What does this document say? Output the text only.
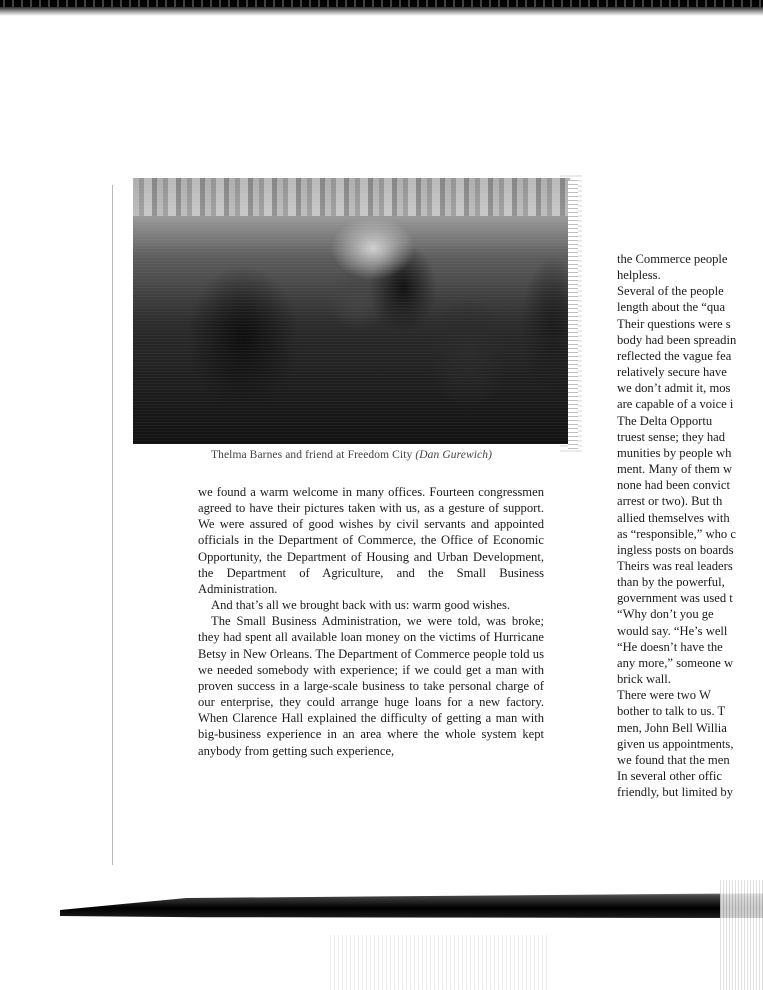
Thelma Barnes and friend at Freedom City (Dan Gurewich)

we found a warm welcome in many offices. Fourteen congressmen agreed to have their pictures taken with us, as a gesture of support. We were assured of good wishes by civil servants and appointed officials in the Department of Commerce, the Office of Economic Opportunity, the Department of Housing and Urban Development, the Department of Agriculture, and the Small Business Administration.

And that’s all we brought back with us: warm good wishes.

The Small Business Administration, we were told, was broke; they had spent all available loan money on the victims of Hurricane Betsy in New Orleans. The Department of Commerce people told us we needed somebody with experience; if we could get a man with proven success in a large-scale business to take personal charge of our enterprise, they could arrange huge loans for a new factory. When Clarence Hall explained the difficulty of getting a man with big-business experience in an area where the whole system kept anybody from getting such experience,

the Commerce people

helpless.

Several of the people

length about the “qua

Their questions were s

body had been spreadin

reflected the vague fea

relatively secure have

we don’t admit it, mos

are capable of a voice i

The Delta Opportu

truest sense; they had

munities by people wh

ment. Many of them w

none had been convict

arrest or two). But th

allied themselves with

as “responsible,” who c

ingless posts on boards

Theirs was real leaders

than by the powerful,

government was used t

“Why don’t you ge

would say. “He’s well

“He doesn’t have the

any more,” someone w

brick wall.

There were two W

bother to talk to us. T

men, John Bell Willia

given us appointments,

we found that the men

In several other offic

friendly, but limited by
